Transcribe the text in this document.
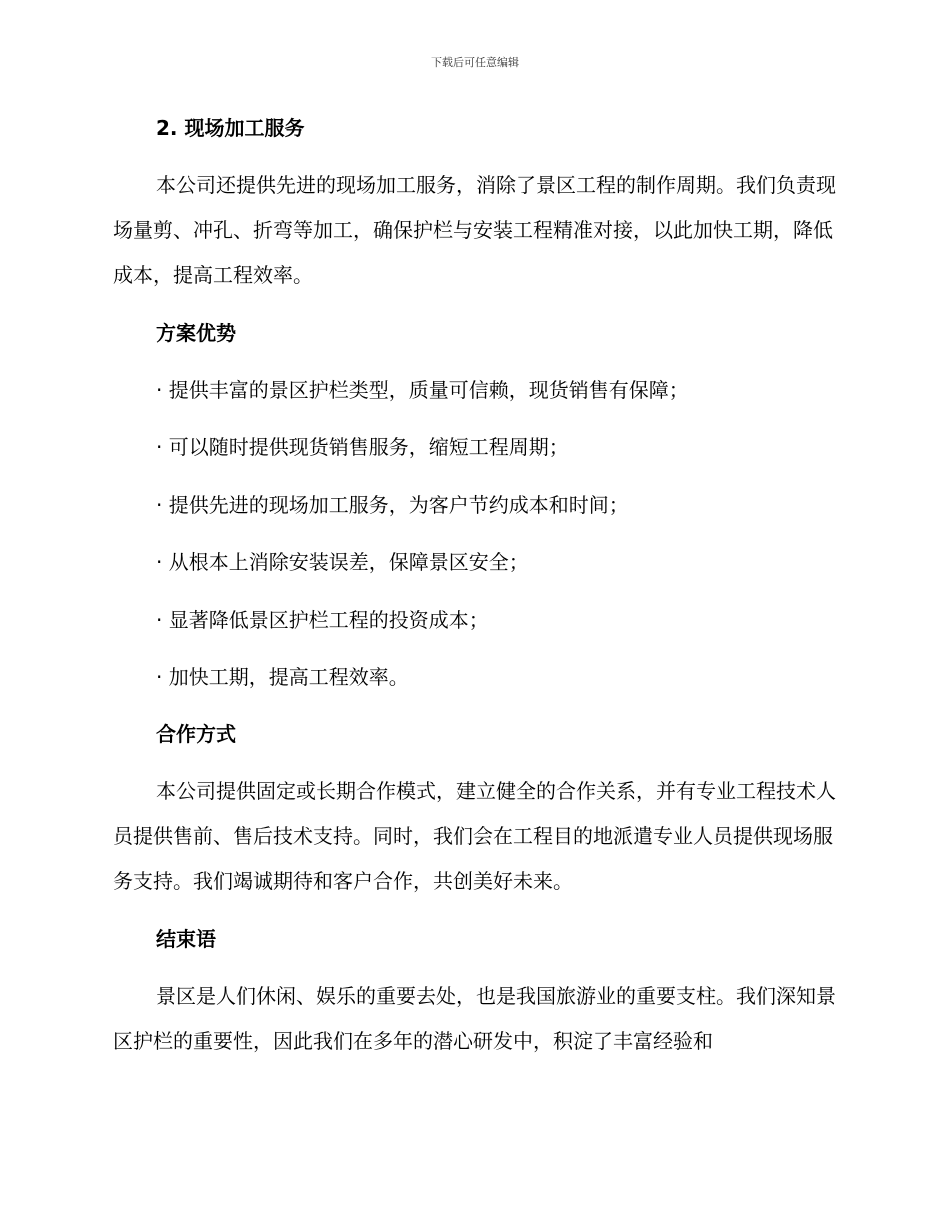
下载后可任意编辑
2. 现场加工服务

本公司还提供先进的现场加工服务，消除了景区工程的制作周期。我们负责现场量剪、冲孔、折弯等加工，确保护栏与安装工程精准对接，以此加快工期，降低成本，提高工程效率。

方案优势
· 提供丰富的景区护栏类型，质量可信赖，现货销售有保障；
· 可以随时提供现货销售服务，缩短工程周期；
· 提供先进的现场加工服务，为客户节约成本和时间；
· 从根本上消除安装误差，保障景区安全；
· 显著降低景区护栏工程的投资成本；
· 加快工期，提高工程效率。
合作方式

本公司提供固定或长期合作模式，建立健全的合作关系，并有专业工程技术人员提供售前、售后技术支持。同时，我们会在工程目的地派遣专业人员提供现场服务支持。我们竭诚期待和客户合作，共创美好未来。

结束语

景区是人们休闲、娱乐的重要去处，也是我国旅游业的重要支柱。我们深知景区护栏的重要性，因此我们在多年的潜心研发中，积淀了丰富经验和
